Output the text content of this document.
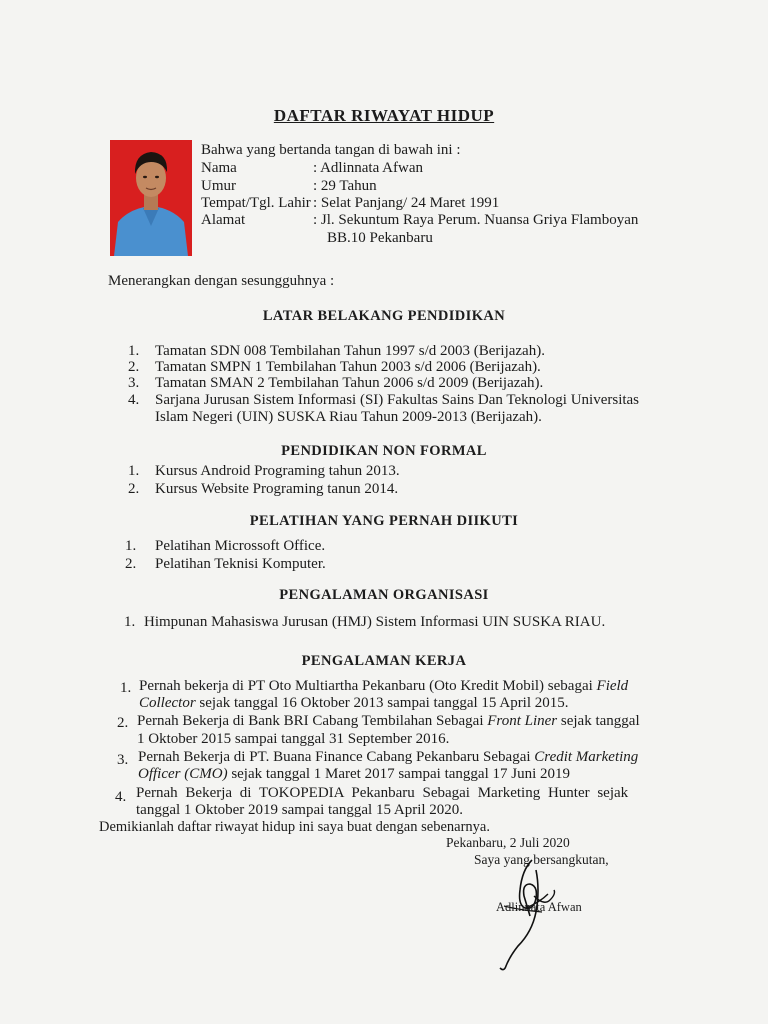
DAFTAR RIWAYAT HIDUP
Bahwa yang bertanda tangan di bawah ini :
Nama	: Adlinnata Afwan
Umur	: 29 Tahun
Tempat/Tgl. Lahir : Selat Panjang/ 24 Maret 1991
Alamat	: Jl. Sekuntum Raya Perum. Nuansa Griya Flamboyan
BB.10 Pekanbaru
Menerangkan dengan sesungguhnya :
LATAR BELAKANG PENDIDIKAN
1. Tamatan SDN 008 Tembilahan Tahun 1997 s/d 2003 (Berijazah).
2. Tamatan SMPN 1 Tembilahan Tahun 2003 s/d 2006 (Berijazah).
3. Tamatan SMAN 2 Tembilahan Tahun 2006 s/d 2009 (Berijazah).
4. Sarjana Jurusan Sistem Informasi (SI) Fakultas Sains Dan Teknologi Universitas
Islam Negeri (UIN) SUSKA Riau Tahun 2009-2013 (Berijazah).
PENDIDIKAN NON FORMAL
1. Kursus Android Programing tahun 2013.
2. Kursus Website Programing tanun 2014.
PELATIHAN YANG PERNAH DIIKUTI
1. Pelatihan Microssoft Office.
2. Pelatihan Teknisi Komputer.
PENGALAMAN ORGANISASI
1. Himpunan Mahasiswa Jurusan (HMJ) Sistem Informasi UIN SUSKA RIAU.
PENGALAMAN KERJA
1. Pernah bekerja di PT Oto Multiartha Pekanbaru (Oto Kredit Mobil) sebagai Field
Collector sejak tanggal 16 Oktober 2013 sampai tanggal 15 April 2015.
2. Pernah Bekerja di Bank BRI Cabang Tembilahan Sebagai Front Liner sejak tanggal
1 Oktober 2015 sampai tanggal 31 September 2016.
3. Pernah Bekerja di PT. Buana Finance Cabang Pekanbaru Sebagai Credit Marketing
Officer (CMO) sejak tanggal 1 Maret 2017 sampai tanggal 17 Juni 2019
4. Pernah Bekerja di TOKOPEDIA Pekanbaru Sebagai Marketing Hunter sejak
tanggal 1 Oktober 2019 sampai tanggal 15 April 2020.
Demikianlah daftar riwayat hidup ini saya buat dengan sebenarnya.
Pekanbaru, 2 Juli 2020
Saya yang bersangkutan,
Adlinnata Afwan
